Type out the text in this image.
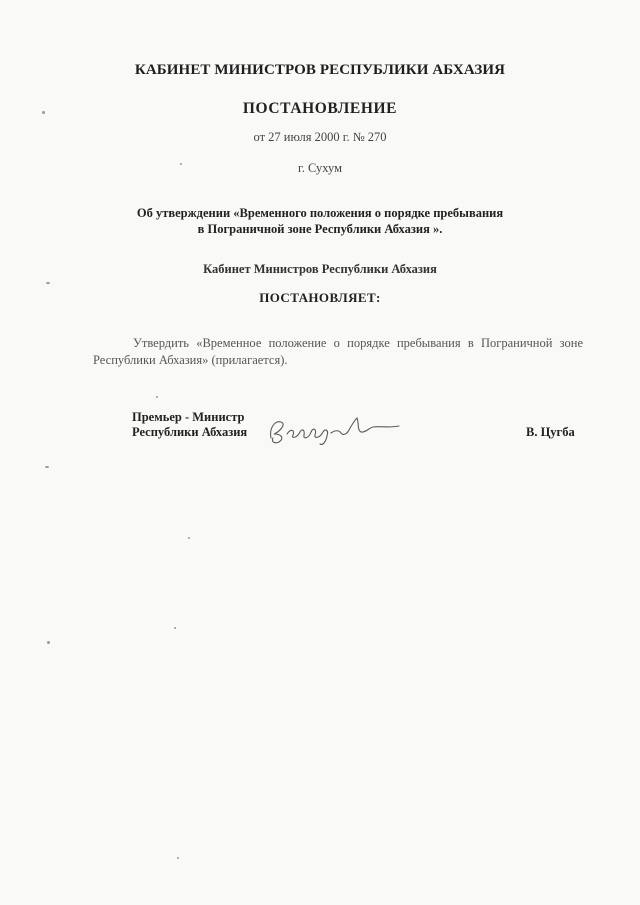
КАБИНЕТ МИНИСТРОВ РЕСПУБЛИКИ АБХАЗИЯ
ПОСТАНОВЛЕНИЕ
от 27 июля 2000 г. № 270
г. Сухум
Об утверждении «Временного положения о порядке пребывания
в Пограничной зоне Республики Абхазия ».
Кабинет Министров Республики Абхазия
ПОСТАНОВЛЯЕТ:
Утвердить «Временное положение о порядке пребывания в Пограничной зоне Республики Абхазия» (прилагается).
Премьер - Министр
Республики Абхазия	В. Цугба
